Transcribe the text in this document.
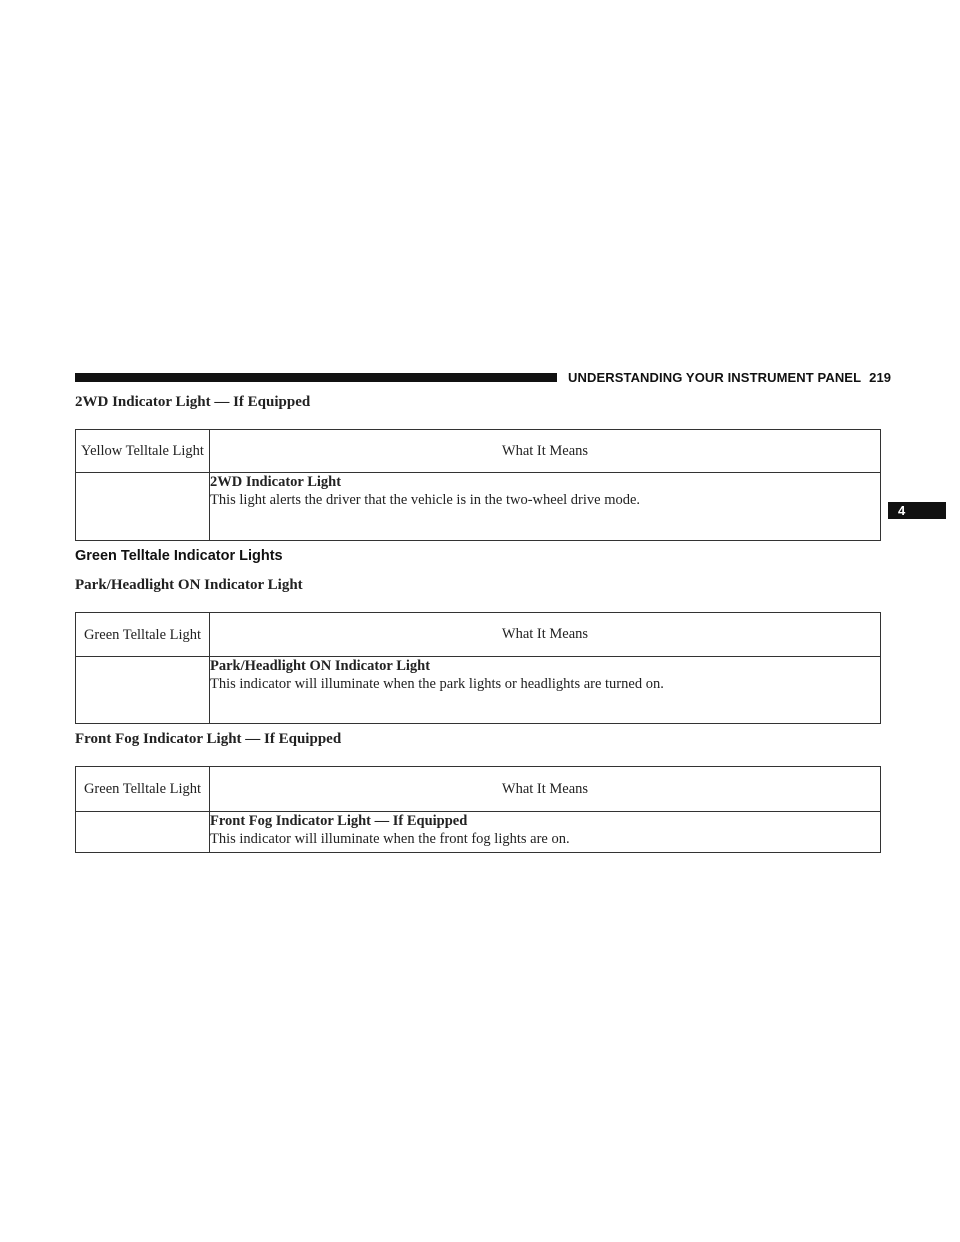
UNDERSTANDING YOUR INSTRUMENT PANEL 219
4
2WD Indicator Light — If Equipped
Yellow Telltale Light	What It Means

	2WD Indicator Light
This light alerts the driver that the vehicle is in the two-wheel drive mode.
Green Telltale Indicator Lights
Park/Headlight ON Indicator Light
Green Telltale Light	What It Means

	Park/Headlight ON Indicator Light
This indicator will illuminate when the park lights or headlights are turned on.
Front Fog Indicator Light — If Equipped
Green Telltale Light	What It Means

	Front Fog Indicator Light — If Equipped
This indicator will illuminate when the front fog lights are on.
